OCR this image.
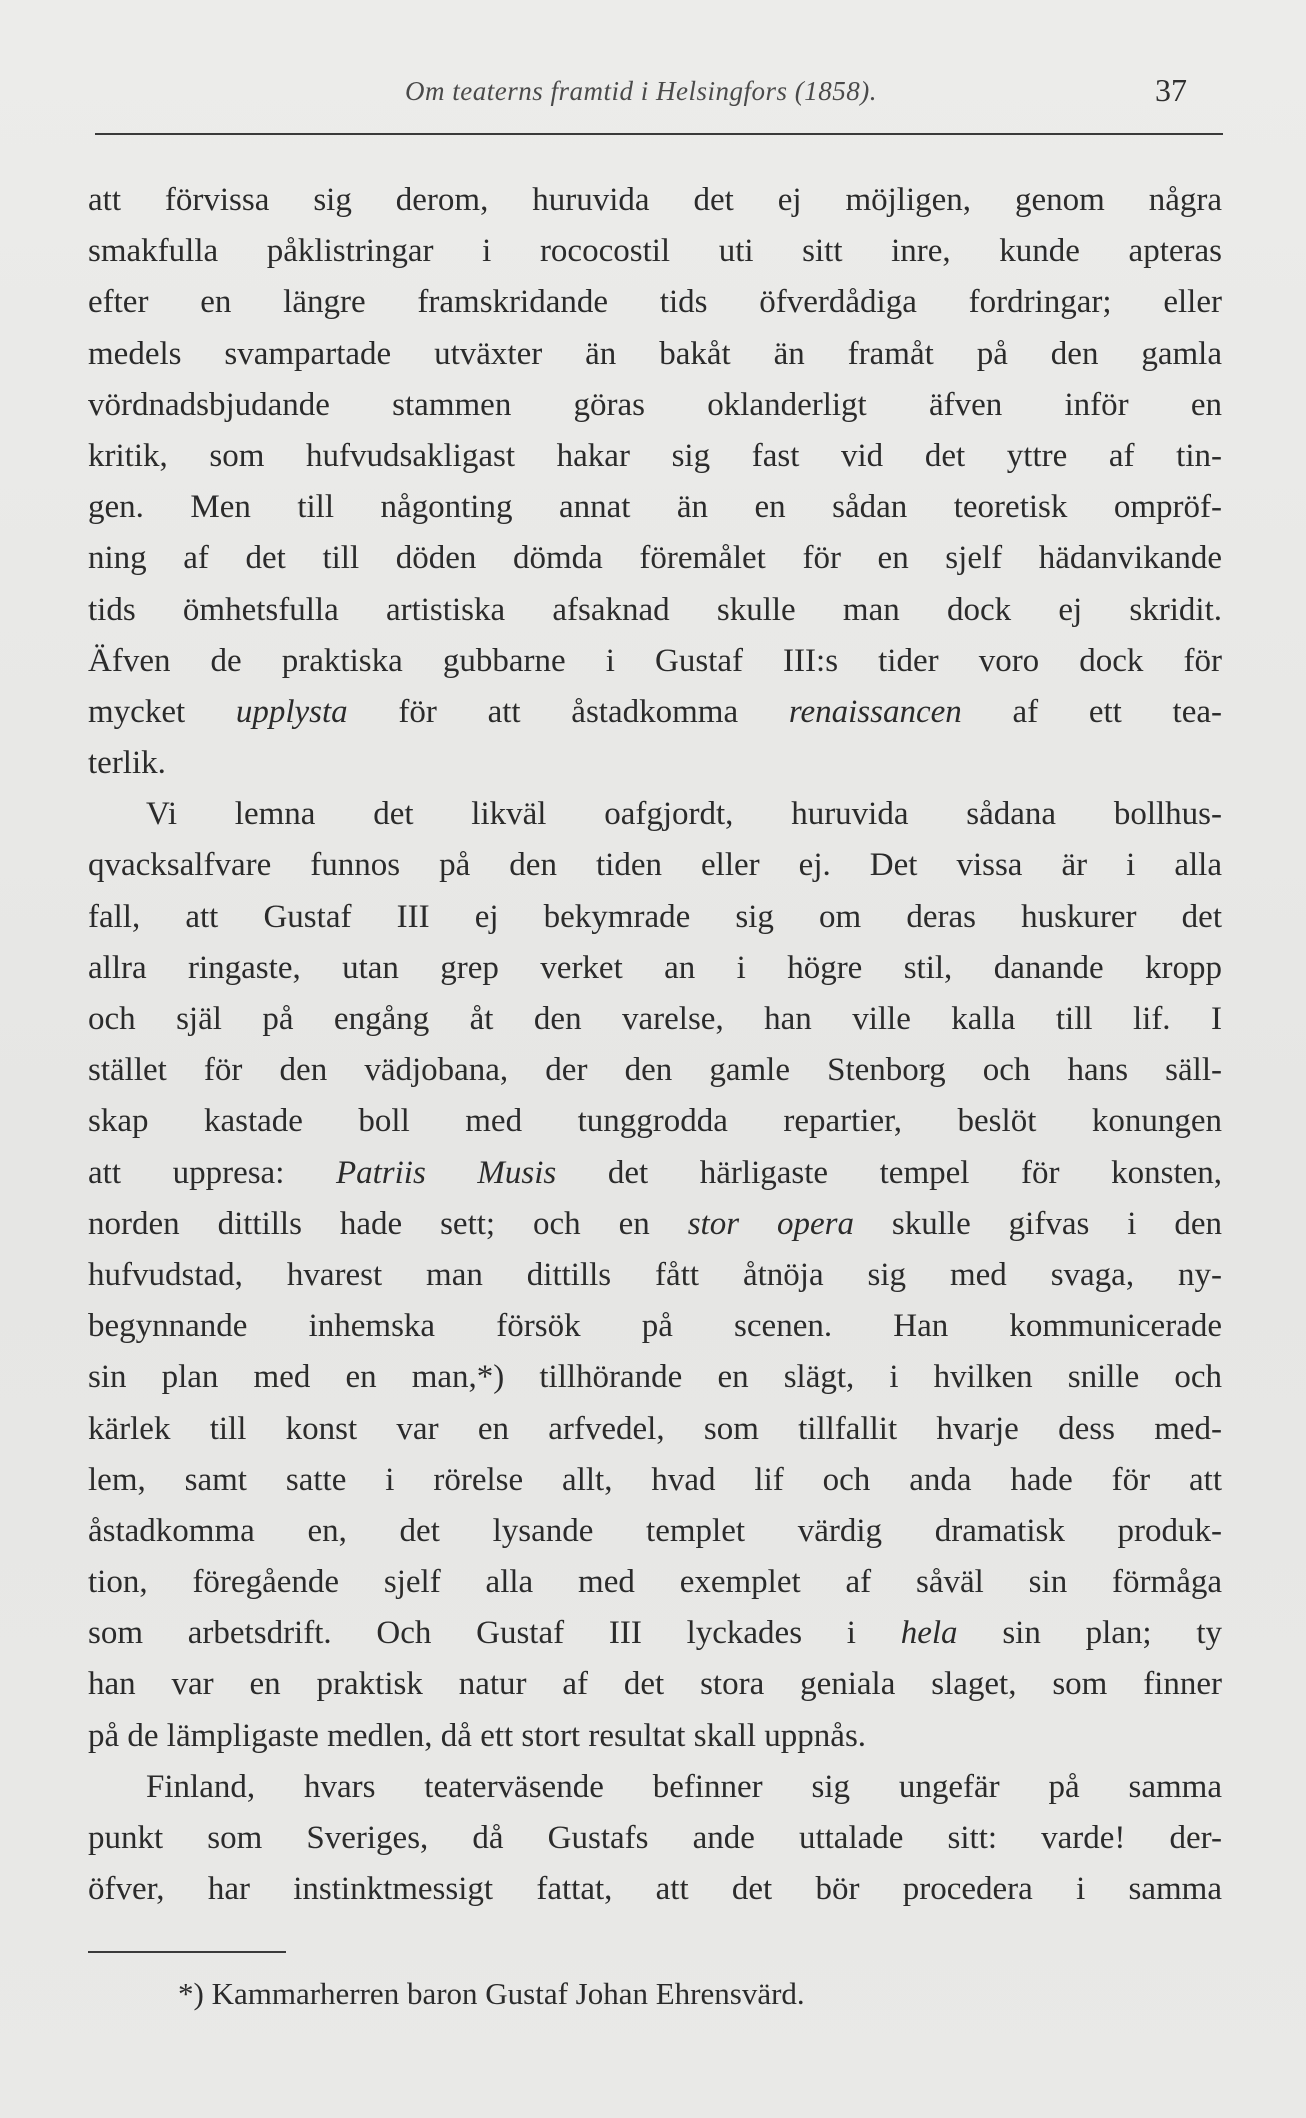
Om teaterns framtid i Helsingfors (1858).	37
att förvissa sig derom, huruvida det ej möjligen, genom några
smakfulla påklistringar i rococostil uti sitt inre, kunde apteras
efter en längre framskridande tids öfverdådiga fordringar; eller
medels svampartade utväxter än bakåt än framåt på den gamla
vördnadsbjudande stammen göras oklanderligt äfven inför en
kritik, som hufvudsakligast hakar sig fast vid det yttre af tin-
gen. Men till någonting annat än en sådan teoretisk ompröf-
ning af det till döden dömda föremålet för en sjelf hädanvikande
tids ömhetsfulla artistiska afsaknad skulle man dock ej skridit.
Äfven de praktiska gubbarne i Gustaf III:s tider voro dock för
mycket upplysta för att åstadkomma renaissancen af ett tea-
terlik.
Vi lemna det likväl oafgjordt, huruvida sådana bollhus-
qvacksalfvare funnos på den tiden eller ej. Det vissa är i alla
fall, att Gustaf III ej bekymrade sig om deras huskurer det
allra ringaste, utan grep verket an i högre stil, danande kropp
och själ på engång åt den varelse, han ville kalla till lif. I
stället för den vädjobana, der den gamle Stenborg och hans säll-
skap kastade boll med tunggrodda repartier, beslöt konungen
att uppresa: Patriis Musis det härligaste tempel för konsten,
norden dittills hade sett; och en stor opera skulle gifvas i den
hufvudstad, hvarest man dittills fått åtnöja sig med svaga, ny-
begynnande inhemska försök på scenen. Han kommunicerade
sin plan med en man,*) tillhörande en slägt, i hvilken snille och
kärlek till konst var en arfvedel, som tillfallit hvarje dess med-
lem, samt satte i rörelse allt, hvad lif och anda hade för att
åstadkomma en, det lysande templet värdig dramatisk produk-
tion, föregående sjelf alla med exemplet af såväl sin förmåga
som arbetsdrift. Och Gustaf III lyckades i hela sin plan; ty
han var en praktisk natur af det stora geniala slaget, som finner
på de lämpligaste medlen, då ett stort resultat skall uppnås.
Finland, hvars teaterväsende befinner sig ungefär på samma
punkt som Sveriges, då Gustafs ande uttalade sitt: varde! der-
öfver, har instinktmessigt fattat, att det bör procedera i samma
*) Kammarherren baron Gustaf Johan Ehrensvärd.
